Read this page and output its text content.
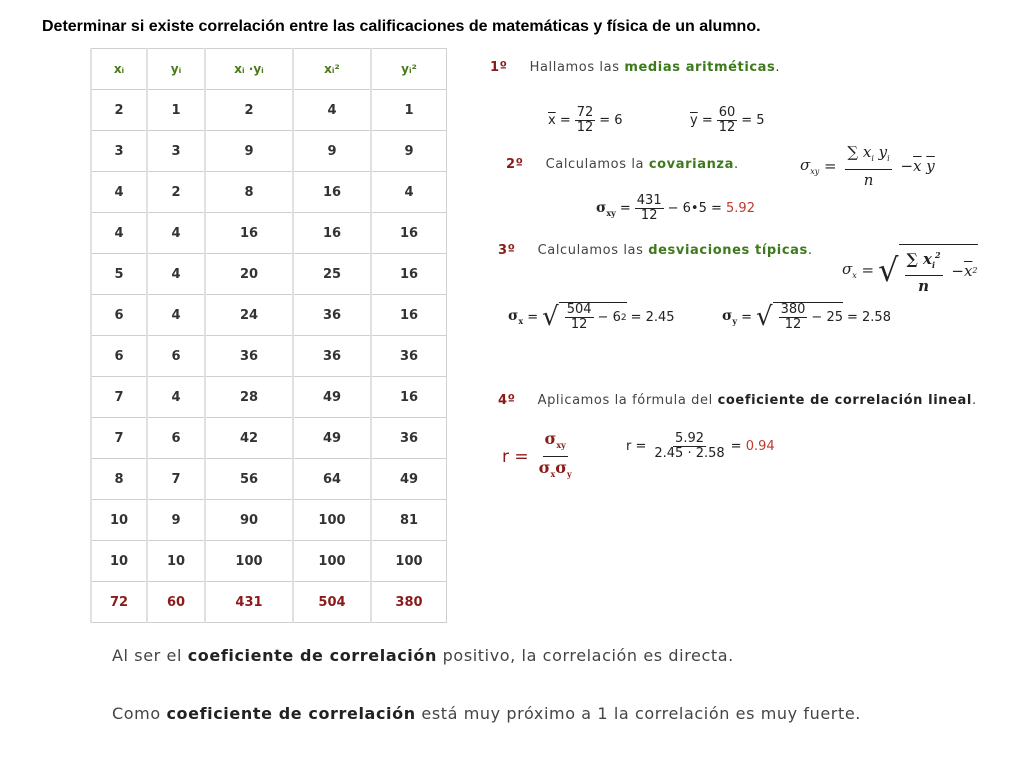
Determinar si existe correlación entre las calificaciones de matemáticas y física de un alumno.
xᵢ	yᵢ	xᵢ ·yᵢ	xᵢ²	yᵢ²
2	1	2	4	1
3	3	9	9	9
4	2	8	16	4
4	4	16	16	16
5	4	20	25	16
6	4	24	36	16
6	6	36	36	36
7	4	28	49	16
7	6	42	49	36
8	7	56	64	49
10	9	90	100	81
10	10	100	100	100
72	60	431	504	380
1º Hallamos las medias aritméticas.
$\overline{x} = \frac{72}{12} = 6$	$\overline{y} = \frac{60}{12} = 5$
2º Calculamos la covarianza.	$\sigma_{xy} = \frac{\sum x_i y_i}{n} - \overline{x}$
$\overline{y}$
$\sigma_{xy} = \frac{431}{12}$ − 6•5 =
5.92
3º Calculamos las desviaciones típicas.
$\sigma_x$ = √ $\frac{\sum x_i^2}{n} - \overline{x}$ 2
$\sigma_x$ = √ $\frac{504}{12} - 6$ 2 = 2.45	$\sigma_y$ = √ $\frac{380}{12} - 25 = 2.58$
4º Aplicamos la fórmula del coeficiente de correlación lineal.
$r = \frac{\sigma_{xy}}{\sigma_x\sigma_y}$	$r = \frac{5.92}{2.45 \cdot 2.58} = 0.94$
Al ser el coeficiente de correlación positivo, la correlación es directa.
Como coeficiente de correlación está muy próximo a 1 la correlación es muy fuerte.
